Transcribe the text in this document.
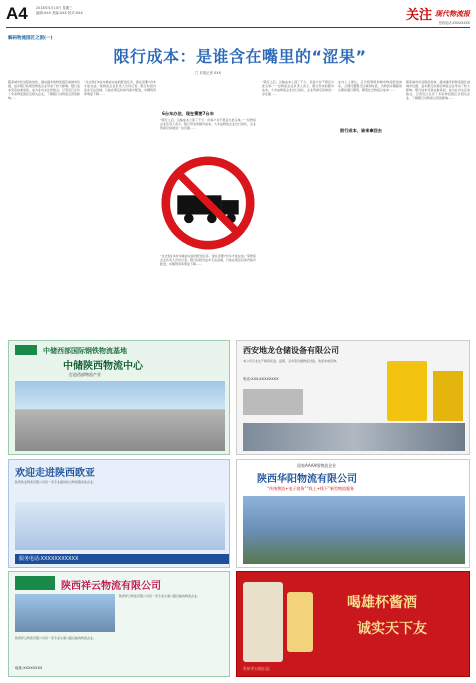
A4 2018年5月10日 星期三
编辑:XXX 美编:XXX 校对:XXX	关注 现代物流报
热线电话:XXXXXXXX
解码物流园区之困(一)
限行成本：是谁含在嘴里的“涩果”
□ 本报记者 XXX
随着城市化进程的加快，越来越多的物流园区被城市包围，货车限行政策给物流企业带来了较大影响。限行成本究竟由谁承担，成为业内关注的焦点。记者近日走访了多家物流园区及相关企业，了解限行对物流运营的影响……
“过去我们6台车就能完成的配送任务，现在需要7台车才能完成。”某物流企业负责人告诉记者。限行时段内货车无法进城，只能在规定时间内集中配送，车辆利用率明显下降……
6台车办法，现在需要7台车
“限行之后，运输成本上涨了不少，但客户并不愿意为此买单。”一位物流企业负责人表示。限行带来的额外成本，大多由物流企业自行消化，企业利润空间被进一步压缩……
“限行之后，运输成本上涨了不少，但客户并不愿意为此买单。”一位物流企业负责人表示。限行带来的额外成本，大多由物流企业自行消化，企业利润空间被进一步压缩……
限行成本，谁来拿回去
业内人士建议，应当统筹规划城市物流配送体系，合理设置限行区域和时段，为物流车辆提供必要的通行便利，降低社会物流总成本……
随着城市化进程的加快，越来越多的物流园区被城市包围，货车限行政策给物流企业带来了较大影响。限行成本究竟由谁承担，成为业内关注的焦点。记者近日走访了多家物流园区及相关企业，了解限行对物流运营的影响……
“过去我们6台车就能完成的配送任务，现在需要7台车才能完成。”某物流企业负责人告诉记者。限行时段内货车无法进城，只能在规定时间内集中配送，车辆利用率明显下降……
中储西部国际钢铁物流基地
中储陕西物流中心
打造西部物流产业
西安地龙仓储设备有限公司
本公司专业生产制造托盘、货架、叉车等仓储物流设备，欢迎来电咨询。
电话:XXX-XXXXXXXX
欢迎走进陕西欧亚
陕西欧亚物流有限公司是一家专业提供综合物流服务的企业。
服务电话:XXXXXXXXXXX
国家AAAA级物流企业
陕西华阳物流有限公司
“传统物流+电子商务”“线上+线下”新型物流服务
陕西祥云物流有限公司
陕西祥云物流有限公司是一家专业从事公路运输的物流企业。
陕西祥云物流有限公司是一家专业从事公路运输的物流企业。
地址:XXXXXXXX
喝雄杯酱酒
诚实天下友
贵州茅台镇出品
